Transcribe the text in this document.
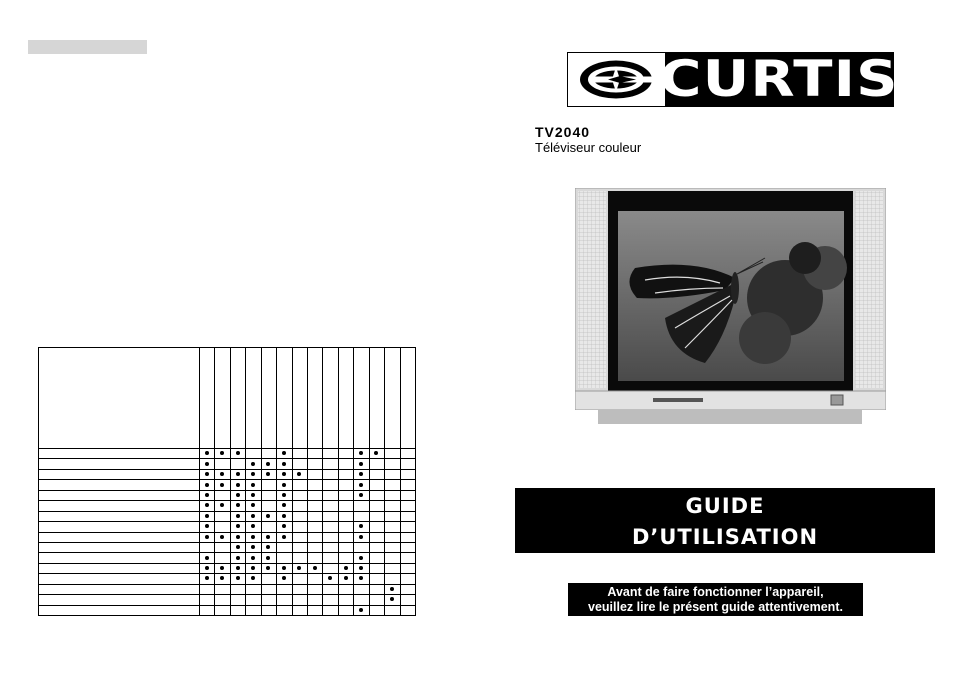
CURTIS
TV2040
Téléviseur couleur
GUIDE
D’UTILISATION
Avant de faire fonctionner l’appareil,
veuillez lire le présent guide attentivement.
